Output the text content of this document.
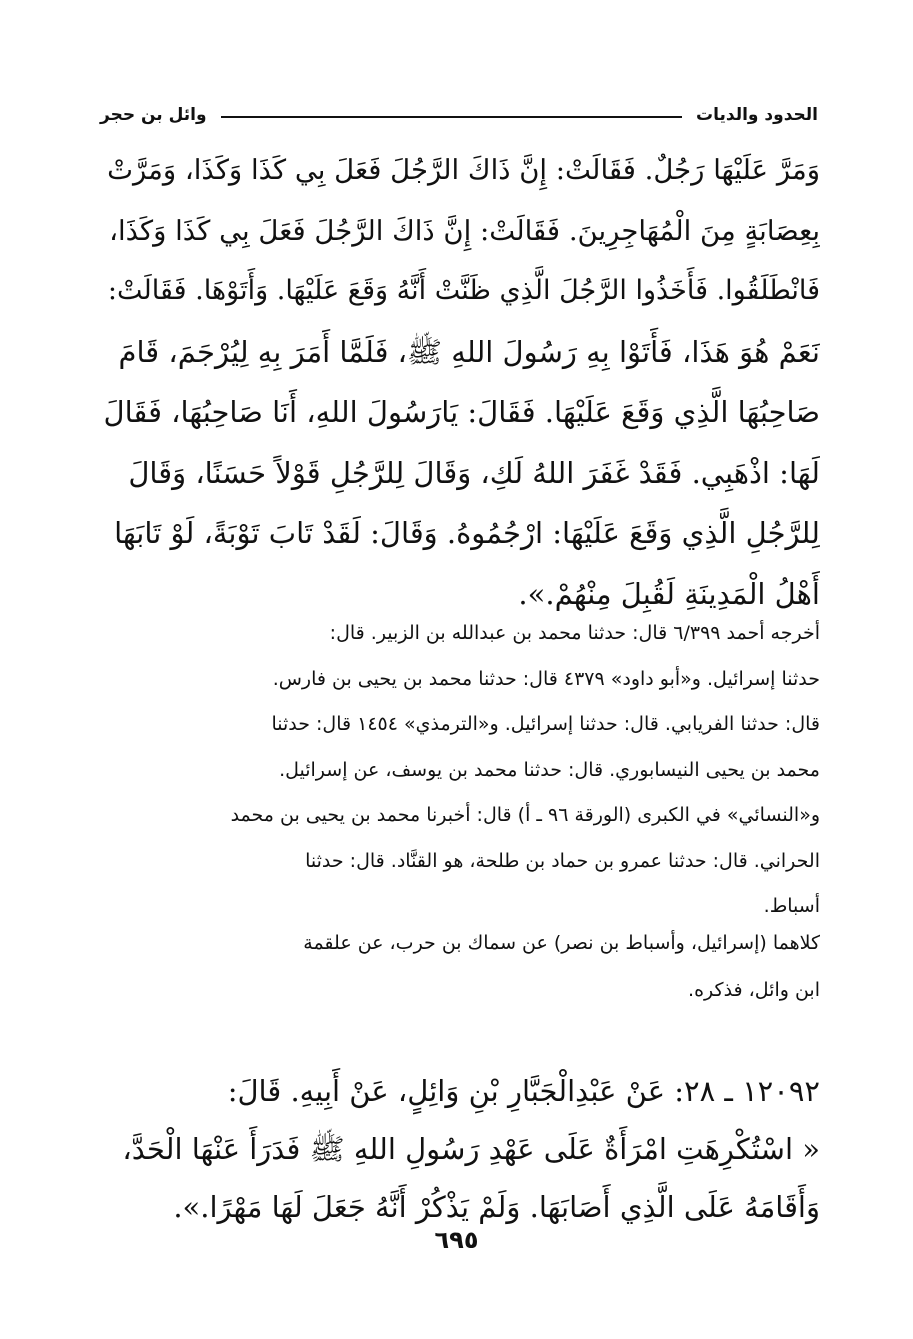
الحدود والديات
وائل بن حجر
وَمَرَّ عَلَيْهَا رَجُلٌ. فَقَالَتْ: إِنَّ ذَاكَ الرَّجُلَ فَعَلَ بِي كَذَا وَكَذَا، وَمَرَّتْ
بِعِصَابَةٍ مِنَ الْمُهَاجِرِينَ. فَقَالَتْ: إِنَّ ذَاكَ الرَّجُلَ فَعَلَ بِي كَذَا وَكَذَا،
فَانْطَلَقُوا. فَأَخَذُوا الرَّجُلَ الَّذِي ظَنَّتْ أَنَّهُ وَقَعَ عَلَيْهَا. وَأَتَوْهَا. فَقَالَتْ:
نَعَمْ هُوَ هَذَا، فَأَتَوْا بِهِ رَسُولَ اللهِ ﷺ، فَلَمَّا أَمَرَ بِهِ لِيُرْجَمَ، قَامَ
صَاحِبُهَا الَّذِي وَقَعَ عَلَيْهَا. فَقَالَ: يَارَسُولَ اللهِ، أَنَا صَاحِبُهَا، فَقَالَ
لَهَا: اذْهَبِي. فَقَدْ غَفَرَ اللهُ لَكِ، وَقَالَ لِلرَّجُلِ قَوْلاً حَسَنًا، وَقَالَ
لِلرَّجُلِ الَّذِي وَقَعَ عَلَيْهَا: ارْجُمُوهُ. وَقَالَ: لَقَدْ تَابَ تَوْبَةً، لَوْ تَابَهَا
أَهْلُ الْمَدِينَةِ لَقُبِلَ مِنْهُمْ.».
أخرجه أحمد ٦/٣٩٩ قال: حدثنا محمد بن عبدالله بن الزبير. قال:
حدثنا إسرائيل. و«أبو داود» ٤٣٧٩ قال: حدثنا محمد بن يحيى بن فارس.
قال: حدثنا الفريابي. قال: حدثنا إسرائيل. و«الترمذي» ١٤٥٤ قال: حدثنا
محمد بن يحيى النيسابوري. قال: حدثنا محمد بن يوسف، عن إسرائيل.
و«النسائي» في الكبرى (الورقة ٩٦ ـ أ) قال: أخبرنا محمد بن يحيى بن محمد
الحراني. قال: حدثنا عمرو بن حماد بن طلحة، هو القنَّاد. قال: حدثنا
أسباط.
كلاهما (إسرائيل، وأسباط بن نصر) عن سماك بن حرب، عن علقمة
ابن وائل، فذكره.
١٢٠٩٢ ـ ٢٨: عَنْ عَبْدِالْجَبَّارِ بْنِ وَائِلٍ، عَنْ أَبِيهِ. قَالَ:
« اسْتُكْرِهَتِ امْرَأَةٌ عَلَى عَهْدِ رَسُولِ اللهِ ﷺ فَدَرَأَ عَنْهَا الْحَدَّ،
وَأَقَامَهُ عَلَى الَّذِي أَصَابَهَا. وَلَمْ يَذْكُرْ أَنَّهُ جَعَلَ لَهَا مَهْرًا.».
٦٩٥
